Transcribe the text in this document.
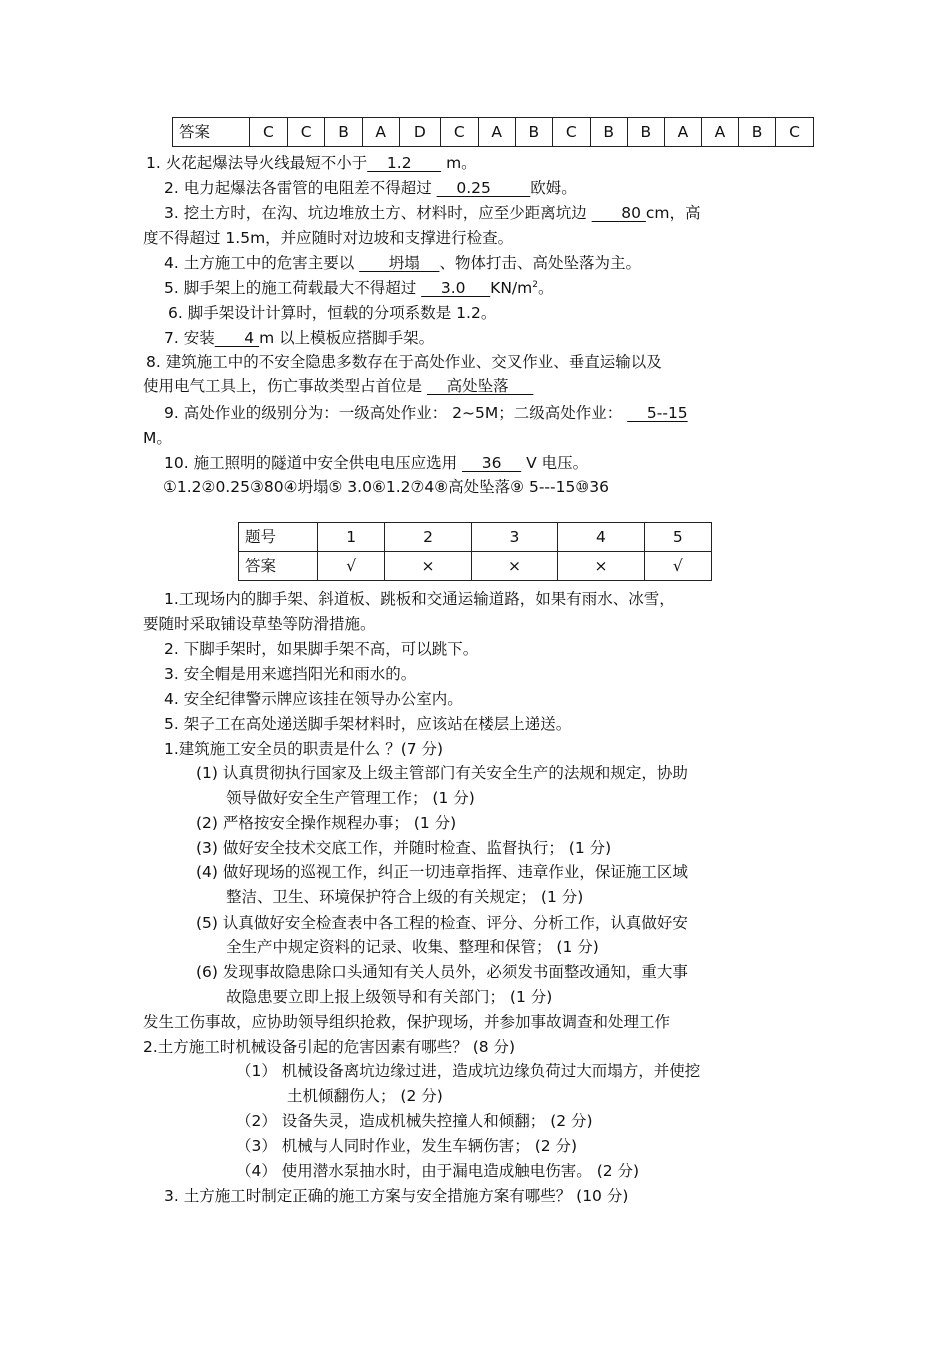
答案	C	C	B	A	D	C	A	B	C	B	B	A	A	B	C
1. 火花起爆法导火线最短不小于    1.2       m。
2. 电力起爆法各雷管的电阻差不得超过     0.25        欧姆。
3. 挖土方时，在沟、坑边堆放土方、材料时，应至少距离坑边       80 cm，高
度不得超过 1.5m，并应随时对边坡和支撑进行检查。
4. 土方施工中的危害主要以       坍塌    、物体打击、高处坠落为主。
5. 脚手架上的施工荷载最大不得超过     3.0     $KN/m^2$。
6. 脚手架设计计算时，恒载的分项系数是 1.2。
7. 安装      4 m 以上模板应搭脚手架。
8. 建筑施工中的不安全隐患多数存在于高处作业、交叉作业、垂直运输以及
使用电气工具上，伤亡事故类型占首位是     高处坠落
9. 高处作业的级别分为：一级高处作业： 2~5M；二级高处作业：     5--15
M。
10. 施工照明的隧道中安全供电电压应选用     36     V 电压。
①1.2②0.25③80④坍塌⑤ 3.0⑥1.2⑦4⑧高处坠落⑨ 5---15⑩36
题号	1	2	3	4	5
答案	√	×	×	×	√
1.工现场内的脚手架、斜道板、跳板和交通运输道路，如果有雨水、冰雪，
要随时采取铺设草垫等防滑措施。
2. 下脚手架时，如果脚手架不高，可以跳下。
3. 安全帽是用来遮挡阳光和雨水的。
4. 安全纪律警示牌应该挂在领导办公室内。
5. 架子工在高处递送脚手架材料时，应该站在楼层上递送。
1.建筑施工安全员的职责是什么 ？(7 分)
(1) 认真贯彻执行国家及上级主管部门有关安全生产的法规和规定，协助
领导做好安全生产管理工作； (1 分)
(2) 严格按安全操作规程办事； (1 分)
(3) 做好安全技术交底工作，并随时检查、监督执行； (1 分)
(4) 做好现场的巡视工作，纠正一切违章指挥、违章作业，保证施工区域
整洁、卫生、环境保护符合上级的有关规定； (1 分)
(5) 认真做好安全检查表中各工程的检查、评分、分析工作，认真做好安
全生产中规定资料的记录、收集、整理和保管； (1 分)
(6) 发现事故隐患除口头通知有关人员外，必须发书面整改通知，重大事
故隐患要立即上报上级领导和有关部门； (1 分)
发生工伤事故，应协助领导组织抢救，保护现场，并参加事故调查和处理工作
2.土方施工时机械设备引起的危害因素有哪些？ (8 分)
（1） 机械设备离坑边缘过进，造成坑边缘负荷过大而塌方，并使挖
土机倾翻伤人； (2 分)
（2） 设备失灵，造成机械失控撞人和倾翻； (2 分)
（3） 机械与人同时作业，发生车辆伤害； (2 分)
（4） 使用潜水泵抽水时，由于漏电造成触电伤害。 (2 分)
3. 土方施工时制定正确的施工方案与安全措施方案有哪些？ (10 分)
